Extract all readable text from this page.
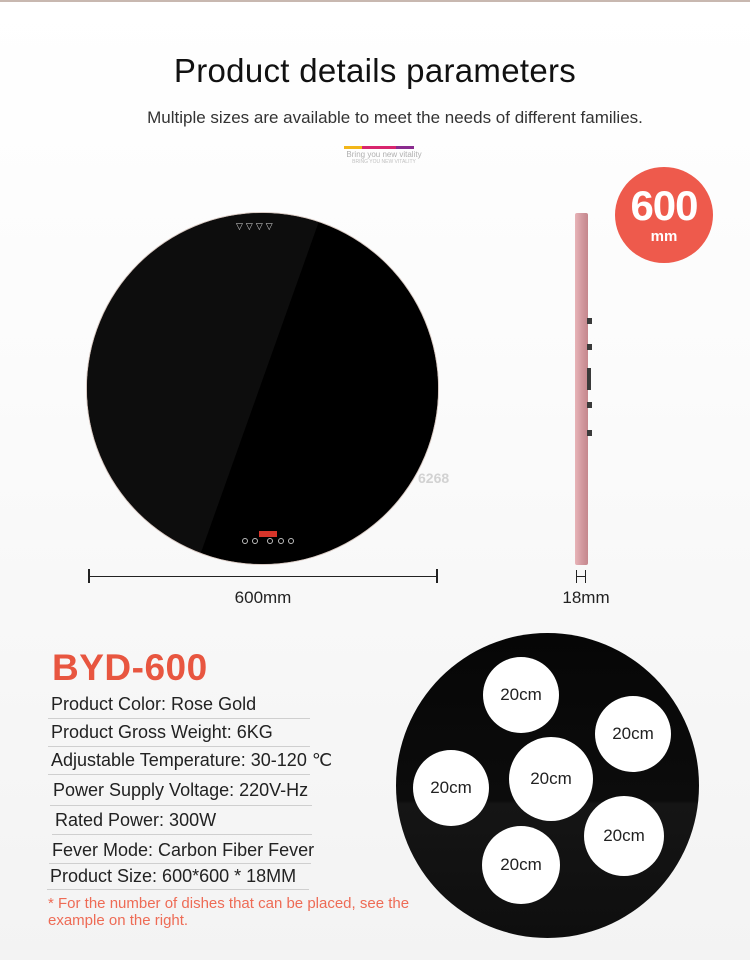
Product details parameters
Multiple sizes are available to meet the needs of different families.
Bring you new vitality
BRING YOU NEW VITALITY
600
mm
▽▽▽▽
6268
600mm	18mm
BYD-600
Product Color: Rose Gold
Product Gross Weight: 6KG
Adjustable Temperature: 30-120 ℃
Power Supply Voltage: 220V-Hz
Rated Power: 300W
Fever Mode: Carbon Fiber Fever
Product Size: 600*600 * 18MM
* For the number of dishes that can be placed, see the example on the right.
20cm
20cm
20cm	20cm
20cm
20cm
